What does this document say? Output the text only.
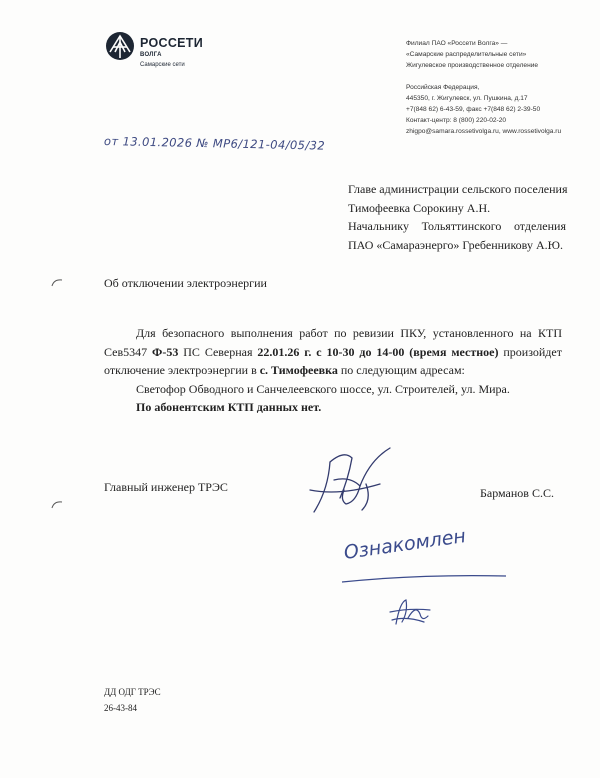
РОССЕТИ
ВОЛГА
Самарские сети
Филиал ПАО «Россети Волга» —
«Самарские распределительные сети»
Жигулевское производственное отделение
Российская Федерация,
445350, г. Жигулевск, ул. Пушкина, д.17
+7(848 62) 6-43-59, факс +7(848 62) 2-39-50
Контакт-центр: 8 (800) 220-02-20
zhigpo@samara.rossetivolga.ru, www.rossetivolga.ru
от 13.01.2026 № МР6/121-04/05/32
Главе администрации сельского поселения
Тимофеевка Сорокину А.Н.
Начальнику Тольяттинского отделения
ПАО «Самараэнерго» Гребенникову А.Ю.
Об отключении электроэнергии
Для безопасного выполнения работ по ревизии ПКУ, установленного на КТП Сев5347 Ф-53 ПС Северная 22.01.26 г. с 10-30 до 14-00 (время местное) произойдет отключение электроэнергии в с. Тимофеевка по следующим адресам:
Светофор Обводного и Санчелеевского шоссе, ул. Строителей, ул. Мира.
По абонентским КТП данных нет.
Главный инженер ТРЭС	Барманов С.С.
Ознакомлен
ДД ОДГ ТРЭС
26-43-84
